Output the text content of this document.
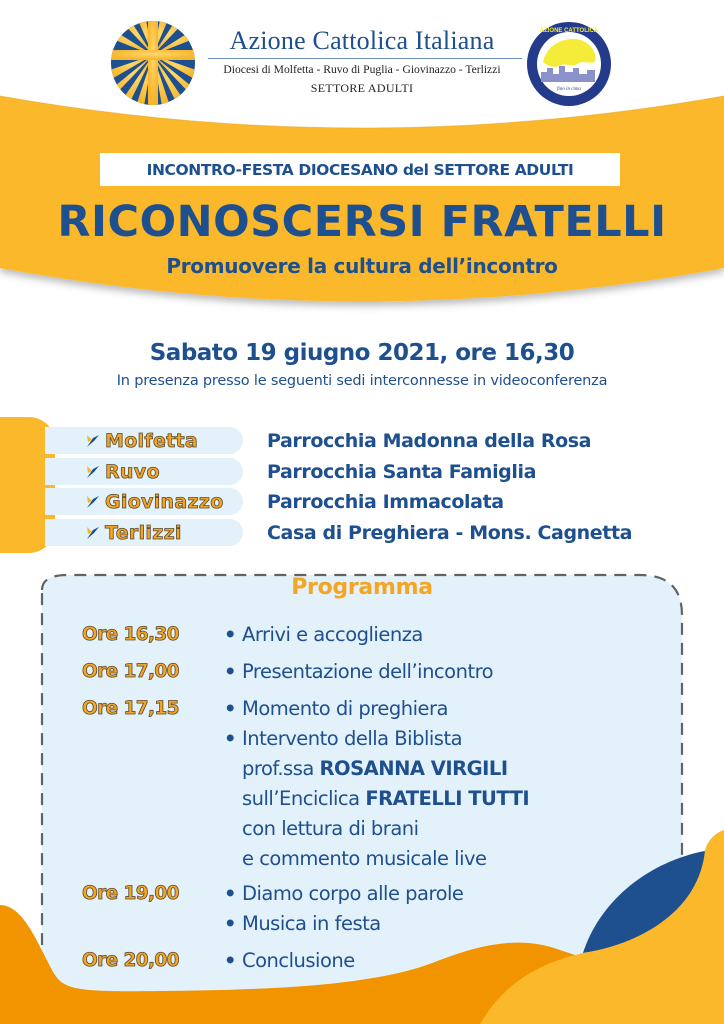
Azione Cattolica Italiana
Diocesi di Molfetta - Ruvo di Puglia - Giovinazzo - Terlizzi
SETTORE ADULTI	fino in cima
AZIONE CATTOLICA
INCONTRO-FESTA DIOCESANO del SETTORE ADULTI
RICONOSCERSI FRATELLI
Promuovere la cultura dell’incontro
Sabato 19 giugno 2021, ore 16,30
In presenza presso le seguenti sedi interconnesse in videoconferenza
Molfetta	Parrocchia Madonna della Rosa
Ruvo	Parrocchia Santa Famiglia
Giovinazzo Parrocchia Immacolata
Terlizzi	Casa di Preghiera - Mons. Cagnetta
Programma
Ore 16,30	• Arrivi e accoglienza
Ore 17,00	• Presentazione dell’incontro
Ore 17,15	• Momento di preghiera
• Intervento della Biblista
prof.ssa ROSANNA VIRGILI
sull’Enciclica FRATELLI TUTTI
con lettura di brani
e commento musicale live
Ore 19,00	• Diamo corpo alle parole
• Musica in festa
Ore 20,00	• Conclusione
